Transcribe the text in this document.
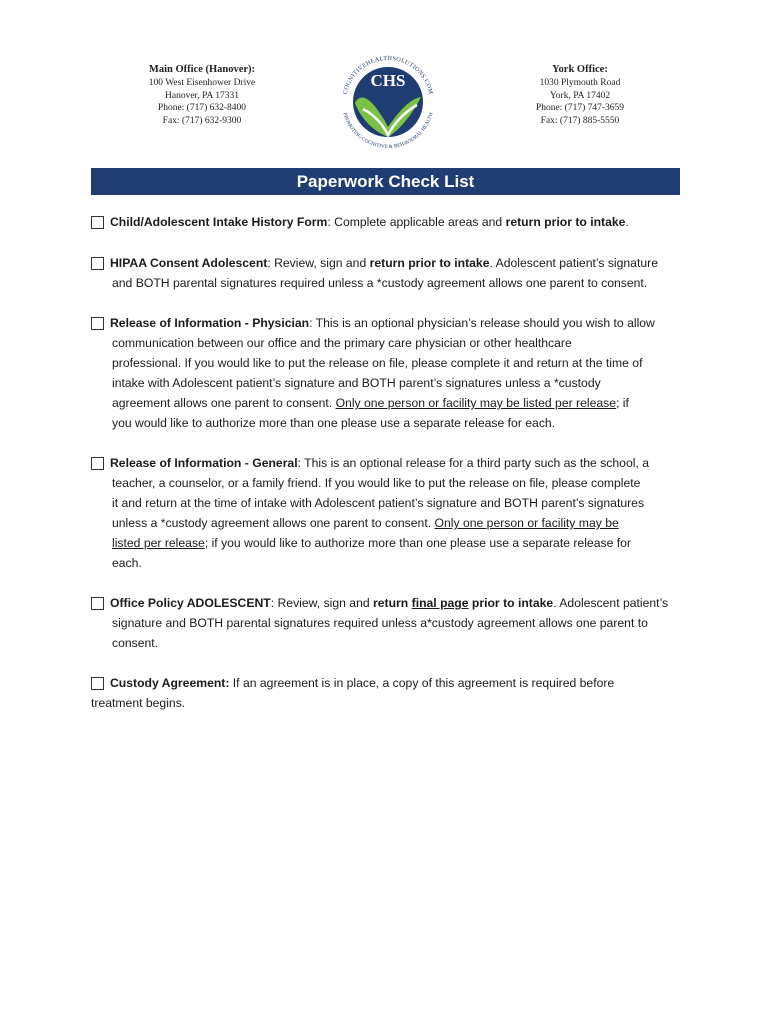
Main Office (Hanover):
100 West Eisenhower Drive
Hanover, PA 17331
Phone: (717) 632-8400
Fax: (717) 632-9300
CHS
COGNITIVEHEALTHSOLUTIONS.COM
PROMOTING COGNITIVE & BEHAVIORAL HEALTH
York Office:
1030 Plymouth Road
York, PA 17402
Phone: (717) 747-3659
Fax: (717) 885-5550
Paperwork Check List

Child/Adolescent Intake History Form: Complete applicable areas and return prior to intake.

HIPAA Consent Adolescent: Review, sign and return prior to intake. Adolescent patient’s signature

and BOTH parental signatures required unless a *custody agreement allows one parent to consent.

Release of Information - Physician: This is an optional physician’s release should you wish to allow

communication between our office and the primary care physician or other healthcare

professional. If you would like to put the release on file, please complete it and return at the time of

intake with Adolescent patient’s signature and BOTH parent’s signatures unless a *custody

agreement allows one parent to consent. Only one person or facility may be listed per release; if

you would like to authorize more than one please use a separate release for each.

Release of Information - General: This is an optional release for a third party such as the school, a

teacher, a counselor, or a family friend. If you would like to put the release on file, please complete

it and return at the time of intake with Adolescent patient’s signature and BOTH parent’s signatures

unless a *custody agreement allows one parent to consent. Only one person or facility may be

listed per release; if you would like to authorize more than one please use a separate release for

each.

Office Policy ADOLESCENT: Review, sign and return final page prior to intake. Adolescent patient’s

signature and BOTH parental signatures required unless a*custody agreement allows one parent to

consent.

Custody Agreement: If an agreement is in place, a copy of this agreement is required before

treatment begins.
